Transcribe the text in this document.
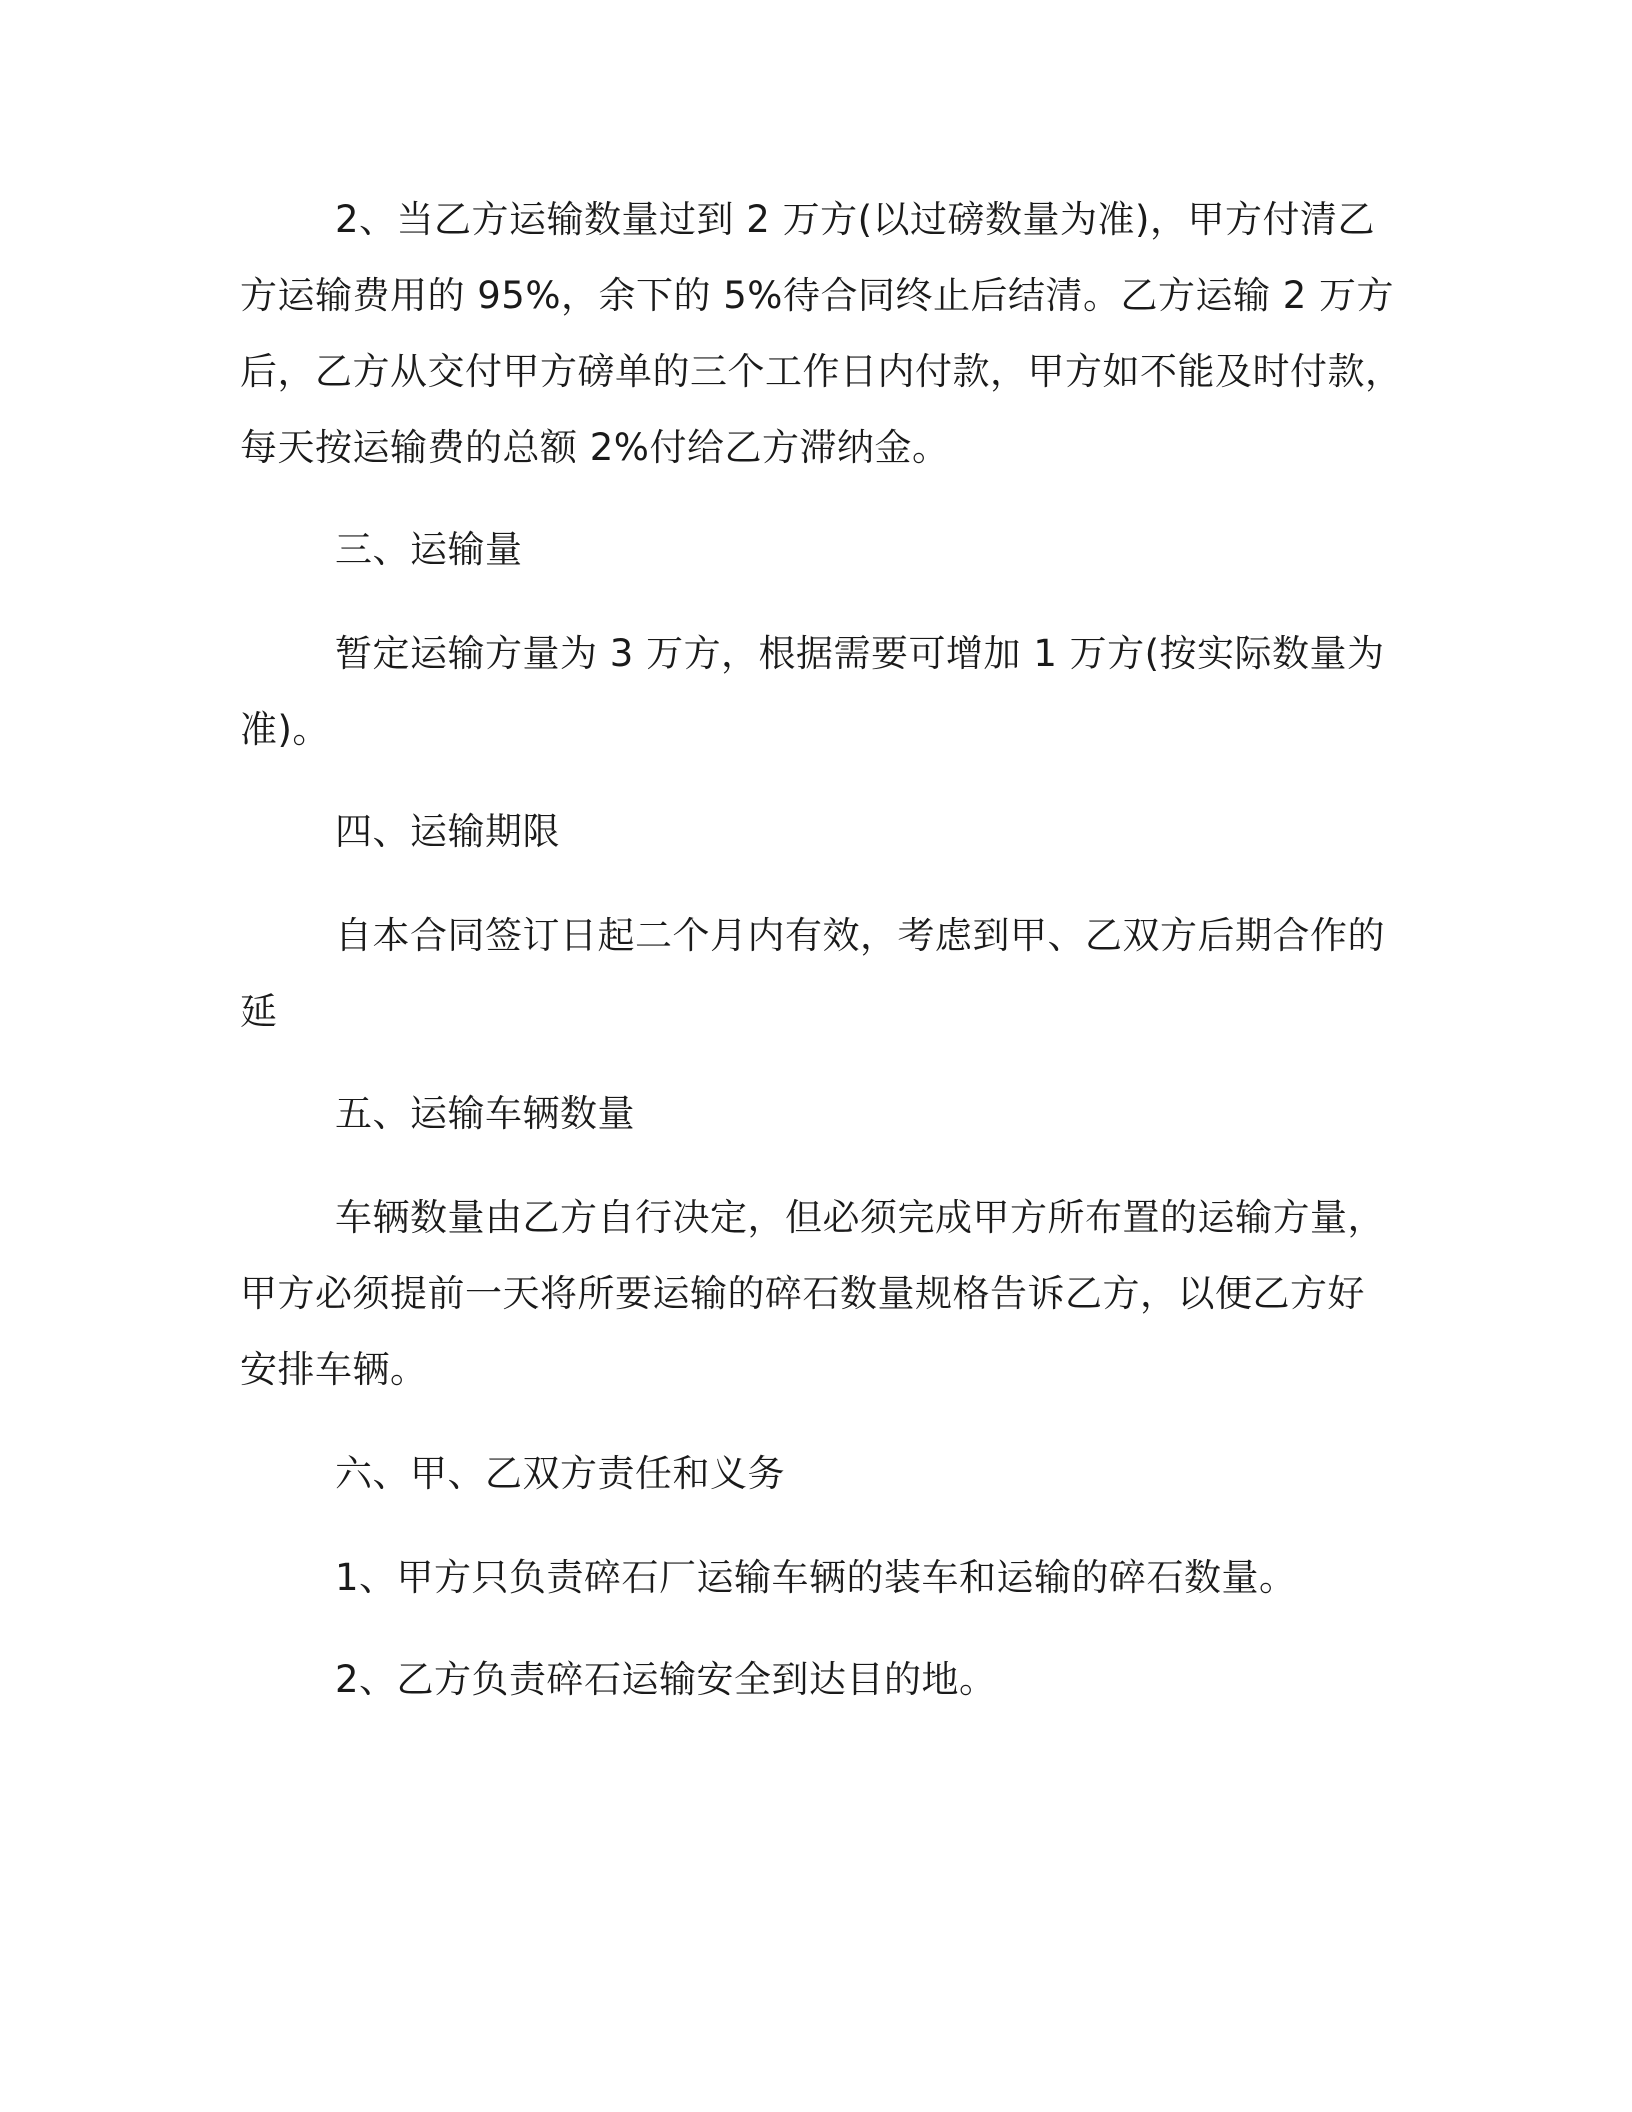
2、当乙方运输数量过到 2 万方(以过磅数量为准)，甲方付清乙
方运输费用的 95%，余下的 5%待合同终止后结清。乙方运输 2 万方
后，乙方从交付甲方磅单的三个工作日内付款，甲方如不能及时付款，
每天按运输费的总额 2%付给乙方滞纳金。
三、运输量
暂定运输方量为 3 万方，根据需要可增加 1 万方(按实际数量为
准)。
四、运输期限
自本合同签订日起二个月内有效，考虑到甲、乙双方后期合作的
延
五、运输车辆数量
车辆数量由乙方自行决定，但必须完成甲方所布置的运输方量，
甲方必须提前一天将所要运输的碎石数量规格告诉乙方，以便乙方好
安排车辆。
六、甲、乙双方责任和义务
1、甲方只负责碎石厂运输车辆的装车和运输的碎石数量。
2、乙方负责碎石运输安全到达目的地。
